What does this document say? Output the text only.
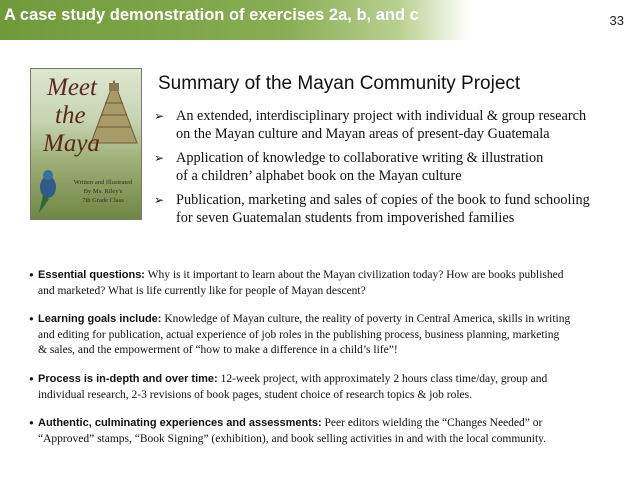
A case study demonstration of exercises 2a, b, and c	33
Meet
the
Maya
Written and Illustrated
By Ms. Riley's
7th Grade Class
Summary of the Mayan Community Project
➢ An extended, interdisciplinary project with individual & group research
on the Mayan culture and Mayan areas of present-day Guatemala
➢ Application of knowledge to collaborative writing & illustration
of a children’ alphabet book on the Mayan culture
➢ Publication, marketing and sales of copies of the book to fund schooling
for seven Guatemalan students from impoverished families
• Essential questions: Why is it important to learn about the Mayan civilization today? How are books published
and marketed? What is life currently like for people of Mayan descent?
• Learning goals include: Knowledge of Mayan culture, the reality of poverty in Central America, skills in writing
and editing for publication, actual experience of job roles in the publishing process, business planning, marketing
& sales, and the empowerment of “how to make a difference in a child’s life”!
• Process is in-depth and over time: 12-week project, with approximately 2 hours class time/day, group and
individual research, 2-3 revisions of book pages, student choice of research topics & job roles.
• Authentic, culminating experiences and assessments: Peer editors wielding the “Changes Needed” or
“Approved” stamps, “Book Signing” (exhibition), and book selling activities in and with the local community.
